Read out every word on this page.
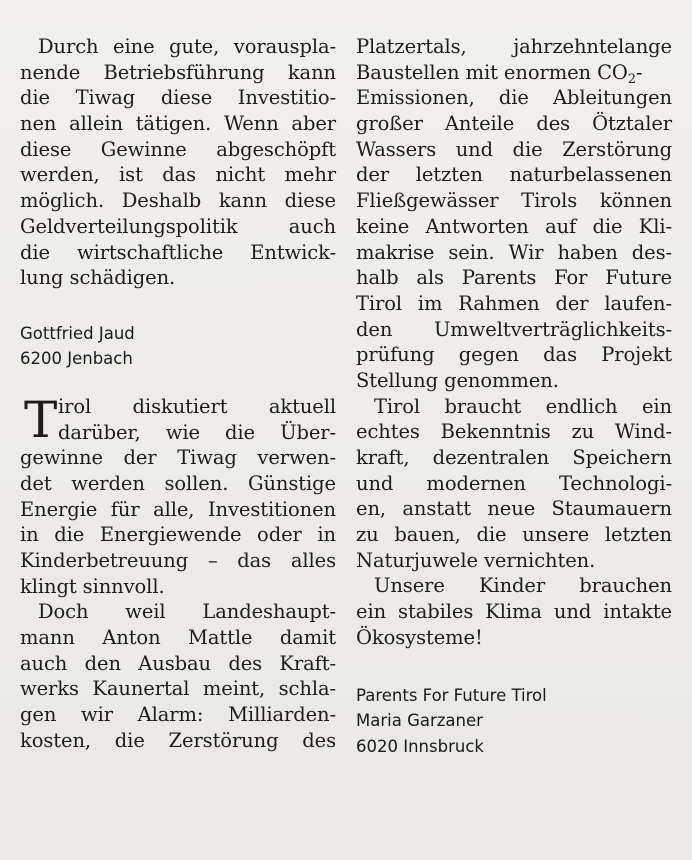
Durch eine gute, vorauspla-
nende Betriebsführung kann
die Tiwag diese Investitio-
nen allein tätigen. Wenn aber
diese Gewinne abgeschöpft
werden, ist das nicht mehr
möglich. Deshalb kann diese
Geldverteilungspolitik auch
die wirtschaftliche Entwick-
lung schädigen.
Gottfried Jaud
6200 Jenbach
T irol diskutiert aktuell
darüber, wie die Über-
gewinne der Tiwag verwen-
det werden sollen. Günstige
Energie für alle, Investitionen
in die Energiewende oder in
Kinderbetreuung – das alles
klingt sinnvoll.
Doch weil Landeshaupt-
mann Anton Mattle damit
auch den Ausbau des Kraft-
werks Kaunertal meint, schla-
gen wir Alarm: Milliarden-
kosten, die Zerstörung des
Platzertals, jahrzehntelange
Baustellen mit enormen $CO_2-$
Emissionen, die Ableitungen
großer Anteile des Ötztaler
Wassers und die Zerstörung
der letzten naturbelassenen
Fließgewässer Tirols können
keine Antworten auf die Kli-
makrise sein. Wir haben des-
halb als Parents For Future
Tirol im Rahmen der laufen-
den Umweltverträglichkeits-
prüfung gegen das Projekt
Stellung genommen.
Tirol braucht endlich ein
echtes Bekenntnis zu Wind-
kraft, dezentralen Speichern
und modernen Technologi-
en, anstatt neue Staumauern
zu bauen, die unsere letzten
Naturjuwele vernichten.
Unsere Kinder brauchen
ein stabiles Klima und intakte
Ökosysteme!
Parents For Future Tirol
Maria Garzaner
6020 Innsbruck
